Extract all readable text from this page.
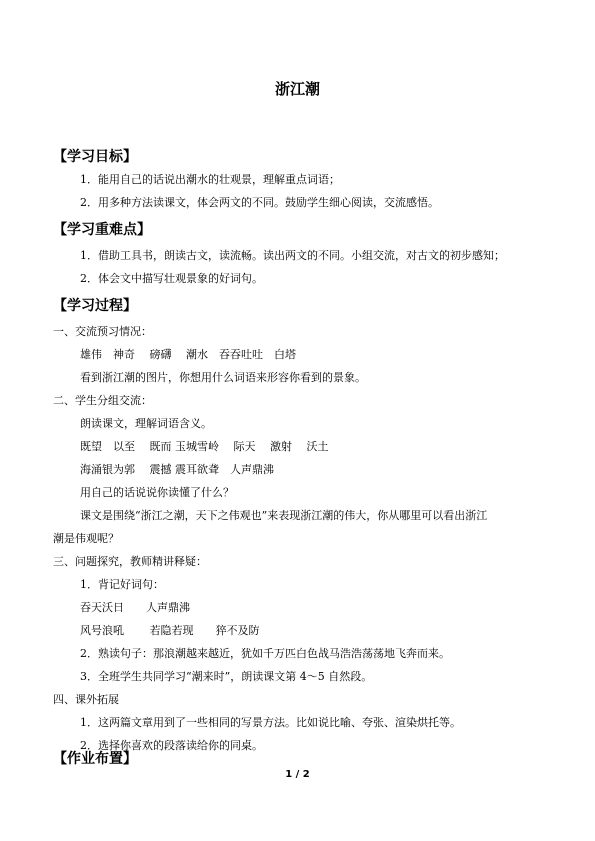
浙江潮
【学习目标】
1．能用自己的话说出潮水的壮观景，理解重点词语；
2．用多种方法读课文，体会两文的不同。鼓励学生细心阅读，交流感悟。
【学习重难点】
1．借助工具书，朗读古文，读流畅。读出两文的不同。小组交流，对古文的初步感知；
2．体会文中描写壮观景象的好词句。
【学习过程】
一、交流预习情况：
雄伟　神奇　 磅礴　 潮水　吞吞吐吐　白塔
看到浙江潮的图片，你想用什么词语来形容你看到的景象。
二、学生分组交流：
朗读课文，理解词语含义。
既望　以至　 既而 玉城雪岭　 际天　 激射　 沃土
海涌银为郭　 震撼 震耳欲聋　人声鼎沸
用自己的话说说你读懂了什么？
课文是围绕“浙江之潮，天下之伟观也”来表现浙江潮的伟大，你从哪里可以看出浙江
潮是伟观呢？
三、问题探究，教师精讲释疑：
1．背记好词句：
吞天沃日　　人声鼎沸
风号浪吼　　 若隐若现　　猝不及防
2．熟读句子：那浪潮越来越近，犹如千万匹白色战马浩浩荡荡地飞奔而来。
3．全班学生共同学习“潮来时”，朗读课文第 4～5 自然段。
四、课外拓展
1．这两篇文章用到了一些相同的写景方法。比如说比喻、夸张、渲染烘托等。
2．选择你喜欢的段落读给你的同桌。
【作业布置】
1 / 2
